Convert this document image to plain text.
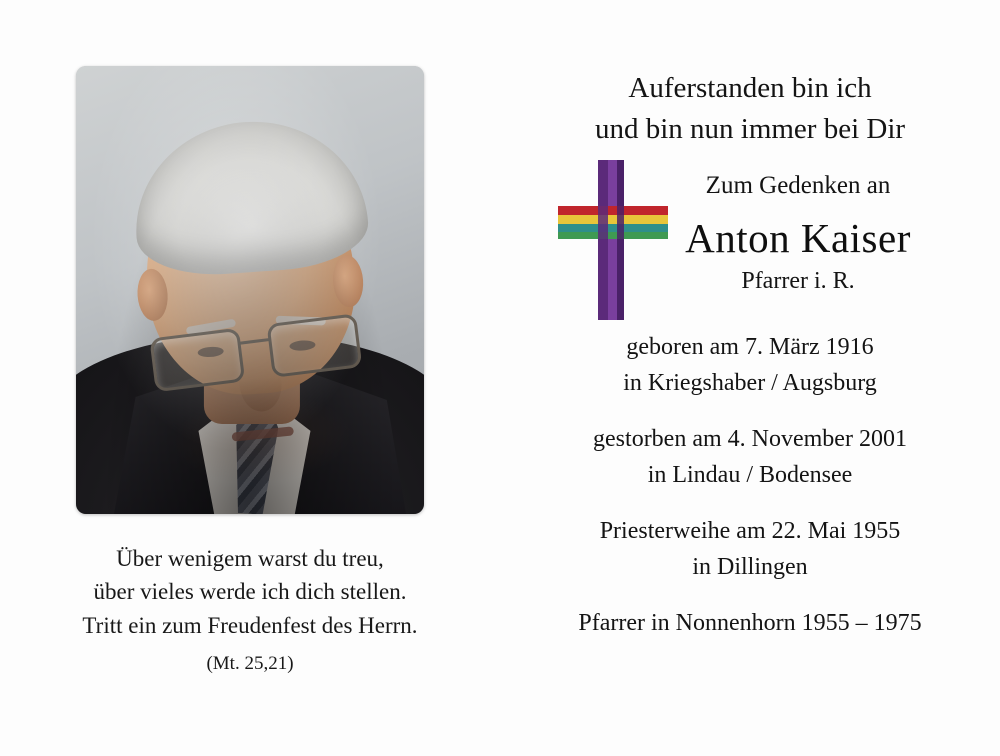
Über wenigem warst du treu,
über vieles werde ich dich stellen.
Tritt ein zum Freudenfest des Herrn.
(Mt. 25,21)
Auferstanden bin ich
und bin nun immer bei Dir
Zum Gedenken an
Anton Kaiser
Pfarrer i. R.
geboren am 7. März 1916
in Kriegshaber / Augsburg
gestorben am 4. November 2001
in Lindau / Bodensee
Priesterweihe am 22. Mai 1955
in Dillingen
Pfarrer in Nonnenhorn 1955 – 1975
